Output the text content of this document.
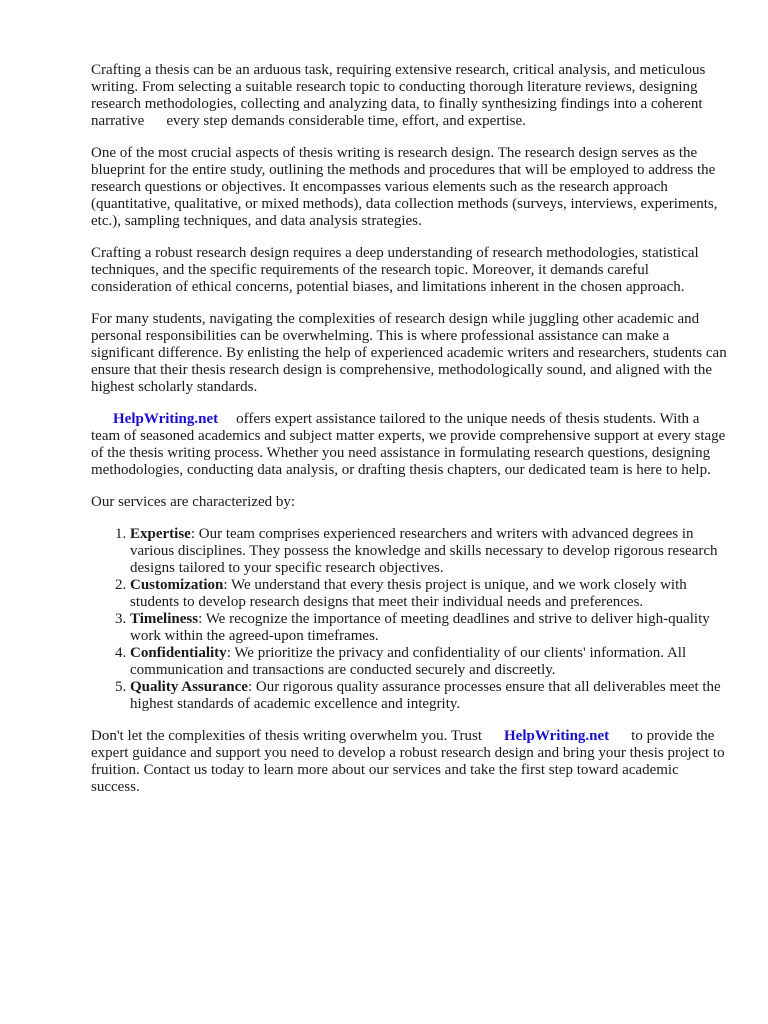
Crafting a thesis can be an arduous task, requiring extensive research, critical analysis, and meticulous writing. From selecting a suitable research topic to conducting thorough literature reviews, designing research methodologies, collecting and analyzing data, to finally synthesizing findings into a coherent narrative every step demands considerable time, effort, and expertise.

One of the most crucial aspects of thesis writing is research design. The research design serves as the blueprint for the entire study, outlining the methods and procedures that will be employed to address the research questions or objectives. It encompasses various elements such as the research approach (quantitative, qualitative, or mixed methods), data collection methods (surveys, interviews, experiments, etc.), sampling techniques, and data analysis strategies.

Crafting a robust research design requires a deep understanding of research methodologies, statistical techniques, and the specific requirements of the research topic. Moreover, it demands careful consideration of ethical concerns, potential biases, and limitations inherent in the chosen approach.

For many students, navigating the complexities of research design while juggling other academic and personal responsibilities can be overwhelming. This is where professional assistance can make a significant difference. By enlisting the help of experienced academic writers and researchers, students can ensure that their thesis research design is comprehensive, methodologically sound, and aligned with the highest scholarly standards.

HelpWriting.net offers expert assistance tailored to the unique needs of thesis students. With a team of seasoned academics and subject matter experts, we provide comprehensive support at every stage of the thesis writing process. Whether you need assistance in formulating research questions, designing methodologies, conducting data analysis, or drafting thesis chapters, our dedicated team is here to help.

Our services are characterized by:

1. Expertise: Our team comprises experienced researchers and writers with advanced degrees in various disciplines. They possess the knowledge and skills necessary to develop rigorous research designs tailored to your specific research objectives.
2. Customization: We understand that every thesis project is unique, and we work closely with students to develop research designs that meet their individual needs and preferences.
3. Timeliness: We recognize the importance of meeting deadlines and strive to deliver high-quality work within the agreed-upon timeframes.
4. Confidentiality: We prioritize the privacy and confidentiality of our clients' information. All communication and transactions are conducted securely and discreetly.
5. Quality Assurance: Our rigorous quality assurance processes ensure that all deliverables meet the highest standards of academic excellence and integrity.

Don't let the complexities of thesis writing overwhelm you. Trust HelpWriting.net to provide the expert guidance and support you need to develop a robust research design and bring your thesis project to fruition. Contact us today to learn more about our services and take the first step toward academic success.
